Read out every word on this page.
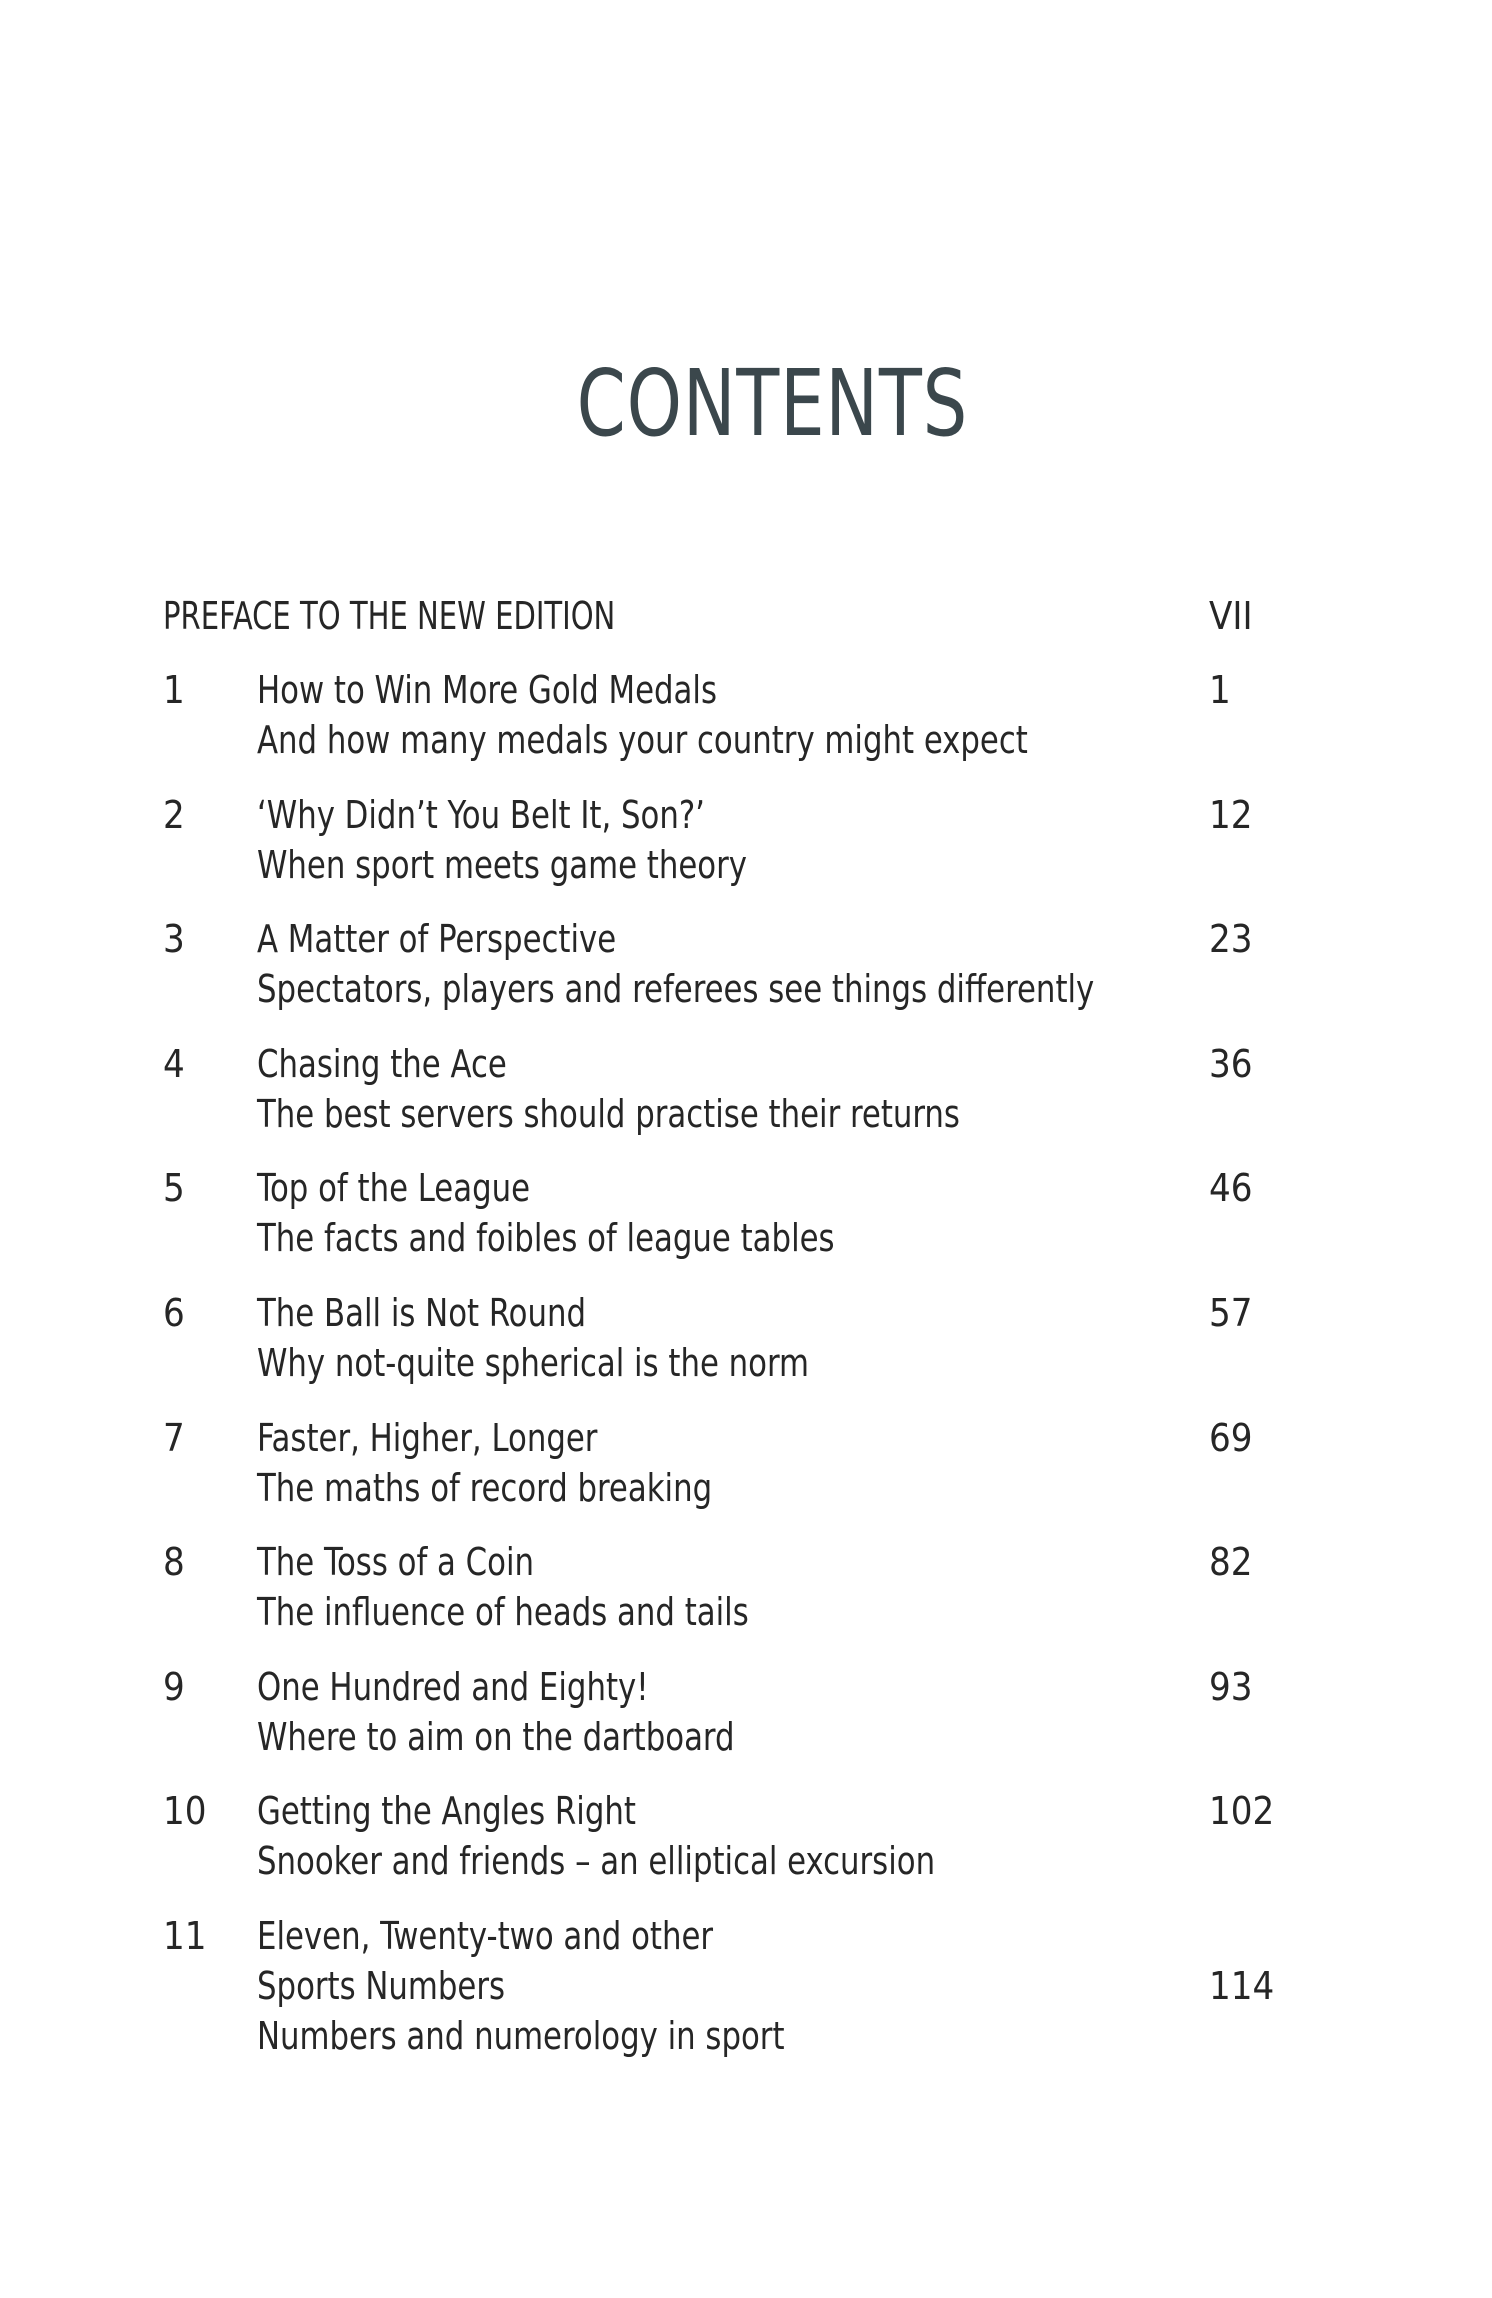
CONTENTS
PREFACE TO THE NEW EDITION	VII
1 How to Win More Gold Medals
And how many medals your country might expect
1
2 ‘Why Didn’t You Belt It, Son?’
When sport meets game theory
12
3 A Matter of Perspective
Spectators, players and referees see things differently
23
4 Chasing the Ace
The best servers should practise their returns
36
5 Top of the League
The facts and foibles of league tables
46
6 The Ball is Not Round
Why not-quite spherical is the norm
57
7 Faster, Higher, Longer
The maths of record breaking
69
8 The Toss of a Coin
The influence of heads and tails
82
9 One Hundred and Eighty!
Where to aim on the dartboard
93
10 Getting the Angles Right
Snooker and friends – an elliptical excursion
102
11 Eleven, Twenty-two and other
Sports Numbers
Numbers and numerology in sport
114
